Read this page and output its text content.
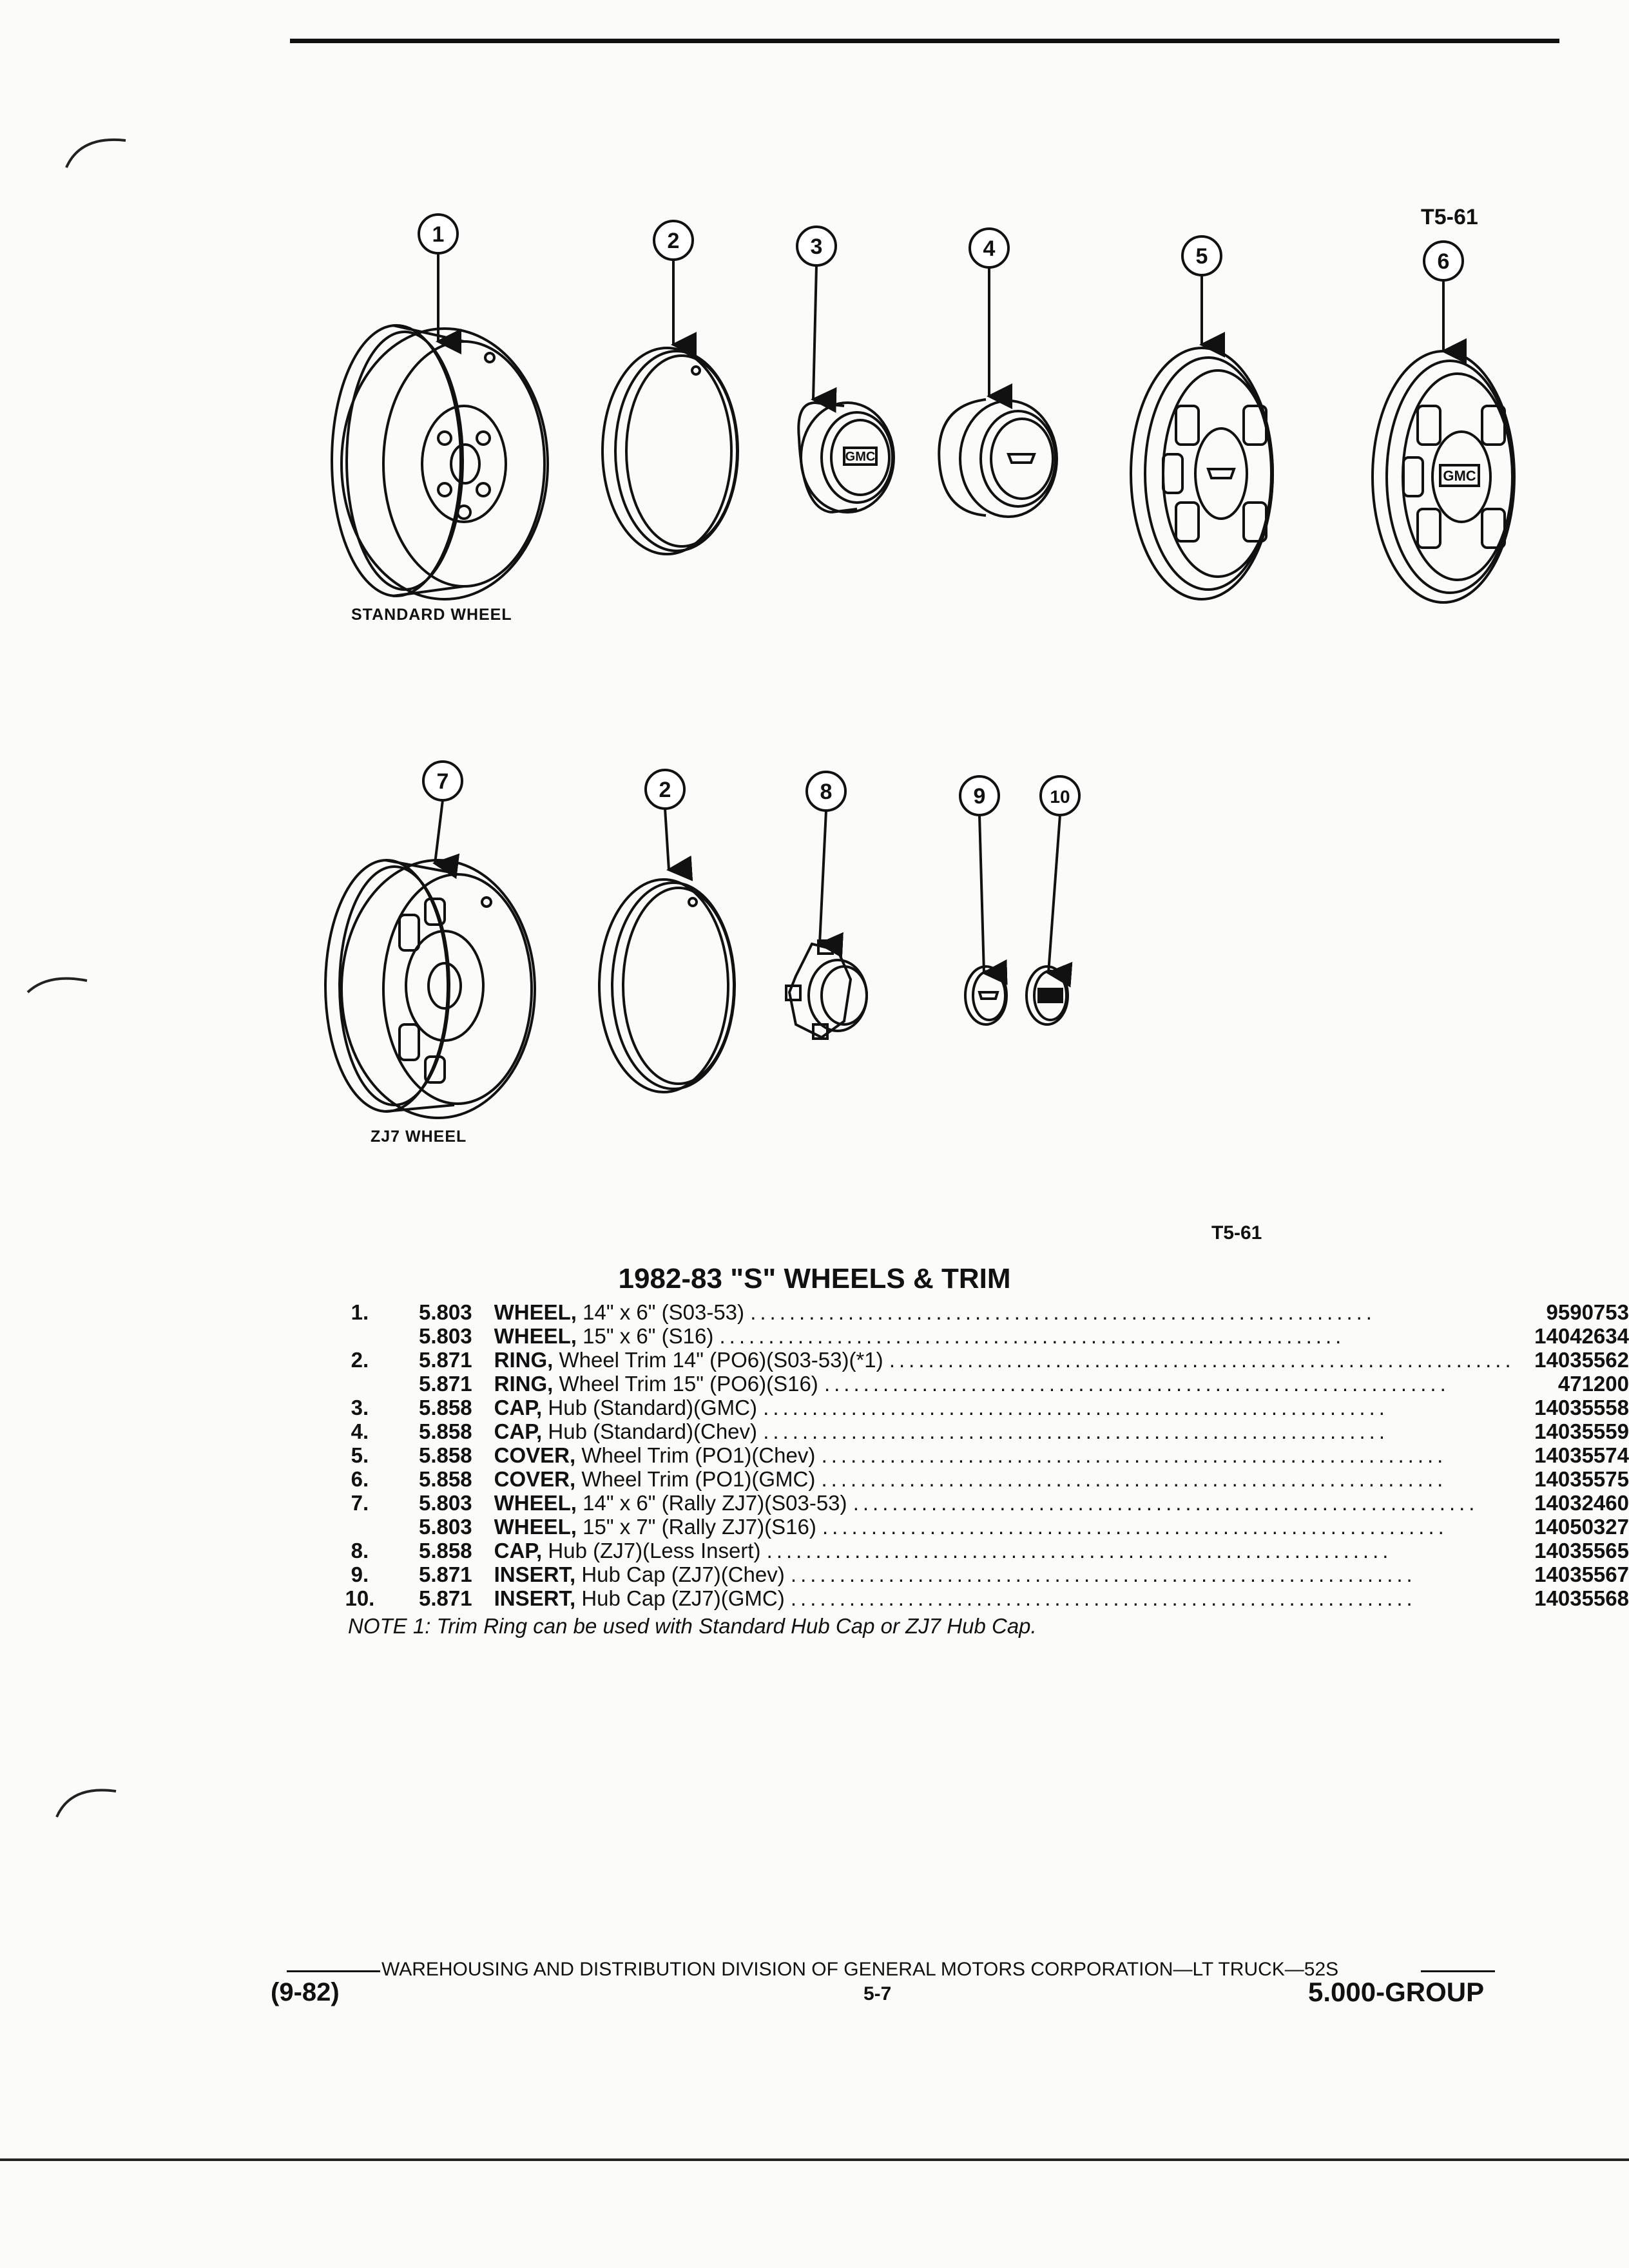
T5-61
1	2	3	4	5	6
7	2	8	9	10
GMC
GMC
STANDARD WHEEL
ZJ7 WHEEL
T5-61
1982-83 "S" WHEELS & TRIM
1.	5.803	WHEEL, 14" x 6" (S03-53) ................................................................	9590753
	5.803	WHEEL, 15" x 6" (S16) ................................................................	14042634
2.	5.871	RING, Wheel Trim 14" (PO6)(S03-53)(*1) ................................................................	14035562
	5.871	RING, Wheel Trim 15" (PO6)(S16) ................................................................	471200
3.	5.858	CAP, Hub (Standard)(GMC) ................................................................	14035558
4.	5.858	CAP, Hub (Standard)(Chev) ................................................................	14035559
5.	5.858	COVER, Wheel Trim (PO1)(Chev) ................................................................	14035574
6.	5.858	COVER, Wheel Trim (PO1)(GMC) ................................................................	14035575
7.	5.803	WHEEL, 14" x 6" (Rally ZJ7)(S03-53) ................................................................	14032460
	5.803	WHEEL, 15" x 7" (Rally ZJ7)(S16) ................................................................	14050327
8.	5.858	CAP, Hub (ZJ7)(Less Insert) ................................................................	14035565
9.	5.871	INSERT, Hub Cap (ZJ7)(Chev) ................................................................	14035567
10.	5.871	INSERT, Hub Cap (ZJ7)(GMC) ................................................................	14035568
NOTE 1: Trim Ring can be used with Standard Hub Cap or ZJ7 Hub Cap.
WAREHOUSING AND DISTRIBUTION DIVISION OF GENERAL MOTORS CORPORATION—LT TRUCK—52S
(9-82)	5-7	5.000-GROUP
